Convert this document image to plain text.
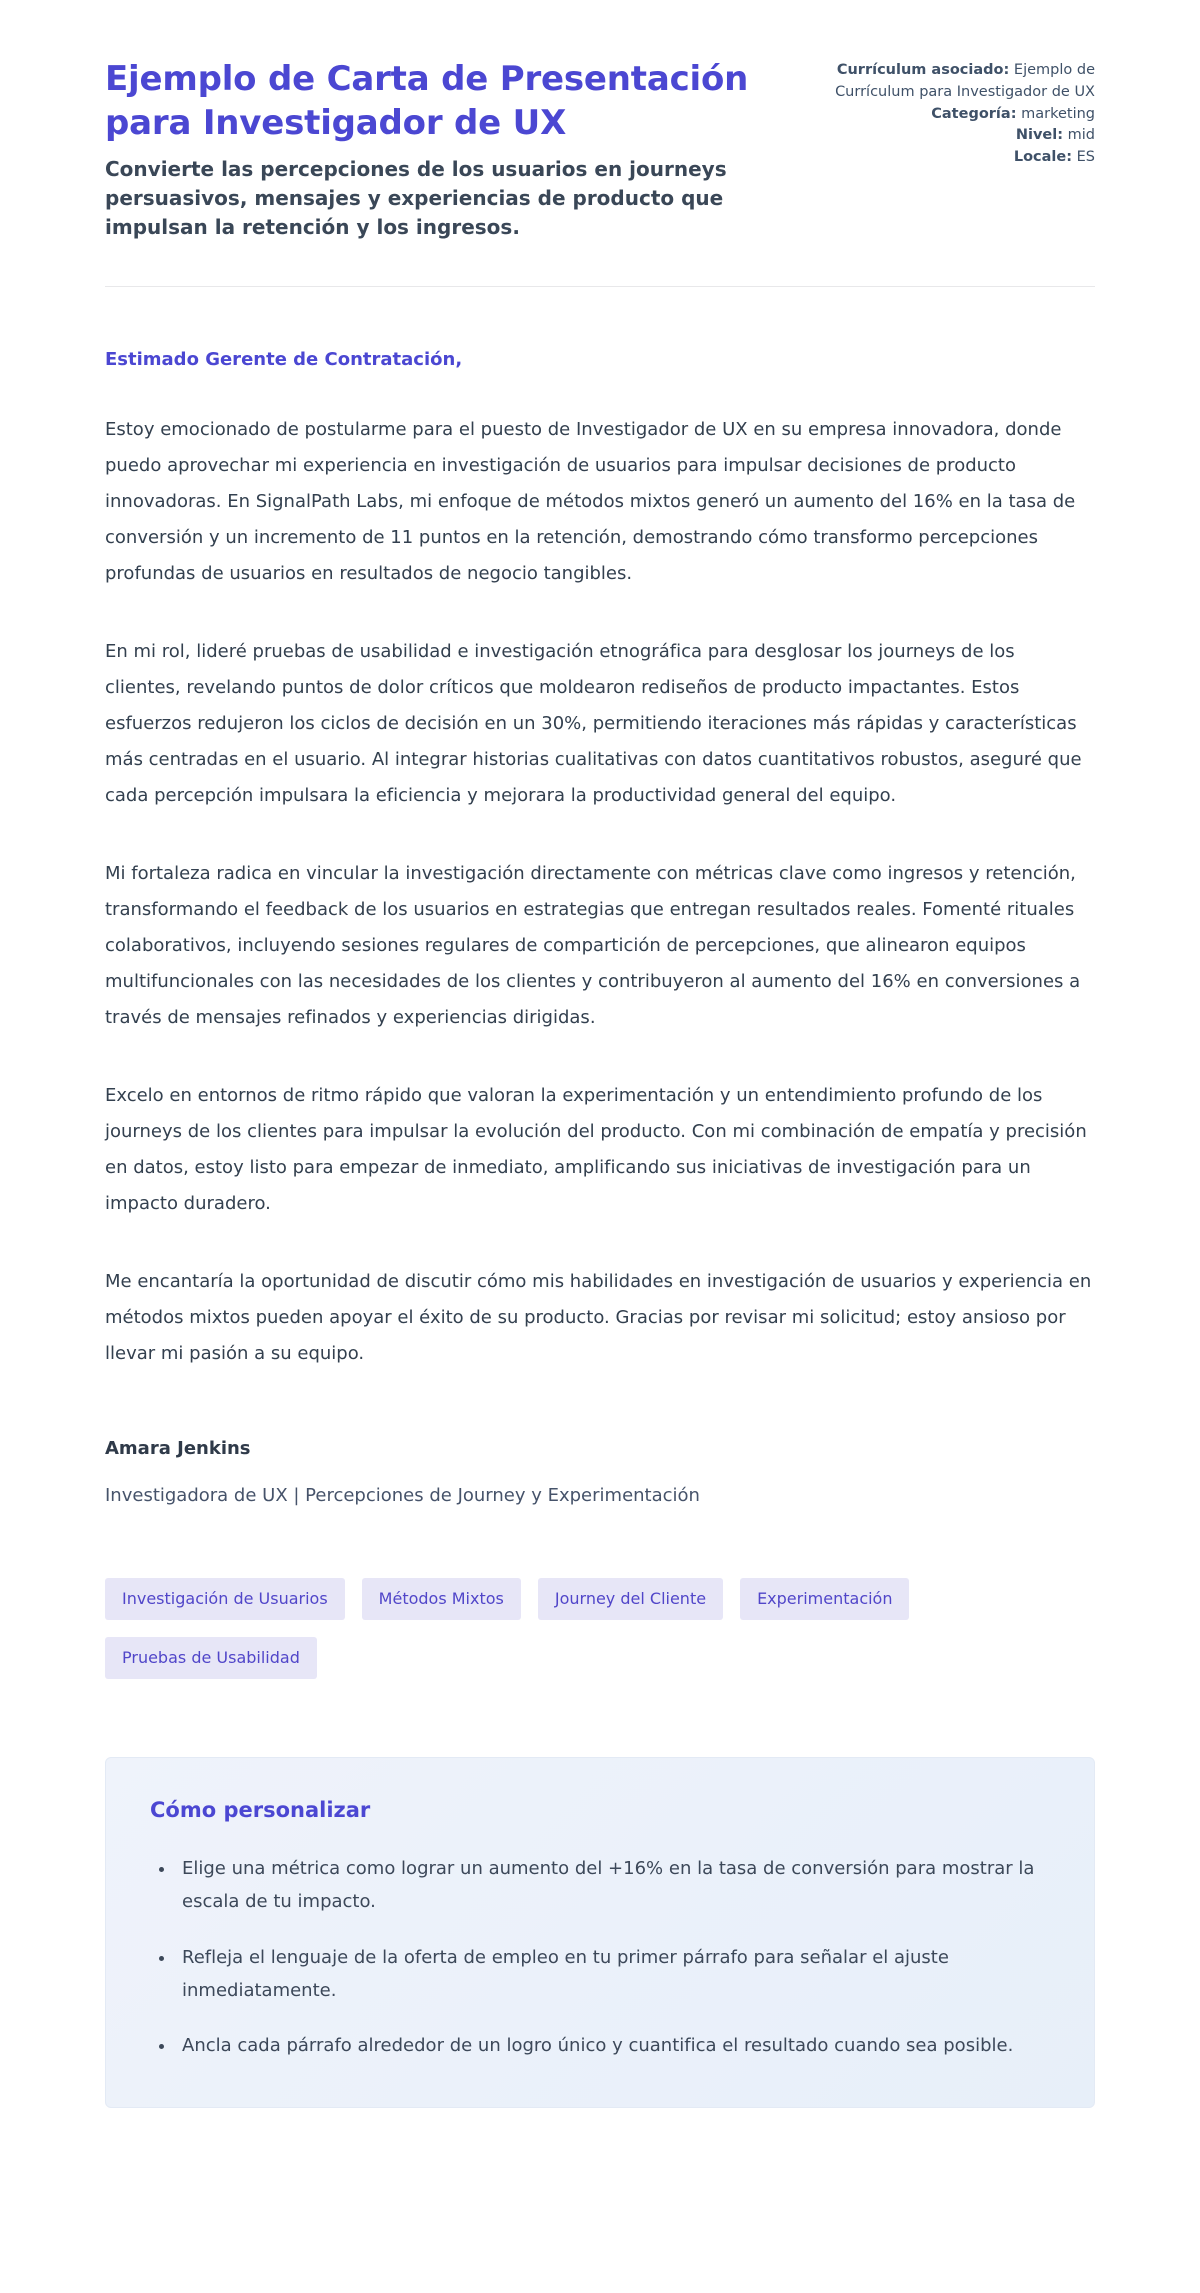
Ejemplo de Carta de Presentación para Investigador de UX

Convierte las percepciones de los usuarios en journeys persuasivos, mensajes y experiencias de producto que impulsan la retención y los ingresos.

Currículum asociado: Ejemplo de Currículum para Investigador de UX
Categoría: marketing
Nivel: mid
Locale: ES

Estimado Gerente de Contratación,

Estoy emocionado de postularme para el puesto de Investigador de UX en su empresa innovadora, donde puedo aprovechar mi experiencia en investigación de usuarios para impulsar decisiones de producto innovadoras. En SignalPath Labs, mi enfoque de métodos mixtos generó un aumento del 16% en la tasa de conversión y un incremento de 11 puntos en la retención, demostrando cómo transformo percepciones profundas de usuarios en resultados de negocio tangibles.

En mi rol, lideré pruebas de usabilidad e investigación etnográfica para desglosar los journeys de los clientes, revelando puntos de dolor críticos que moldearon rediseños de producto impactantes. Estos esfuerzos redujeron los ciclos de decisión en un 30%, permitiendo iteraciones más rápidas y características más centradas en el usuario. Al integrar historias cualitativas con datos cuantitativos robustos, aseguré que cada percepción impulsara la eficiencia y mejorara la productividad general del equipo.

Mi fortaleza radica en vincular la investigación directamente con métricas clave como ingresos y retención, transformando el feedback de los usuarios en estrategias que entregan resultados reales. Fomenté rituales colaborativos, incluyendo sesiones regulares de compartición de percepciones, que alinearon equipos multifuncionales con las necesidades de los clientes y contribuyeron al aumento del 16% en conversiones a través de mensajes refinados y experiencias dirigidas.

Excelo en entornos de ritmo rápido que valoran la experimentación y un entendimiento profundo de los journeys de los clientes para impulsar la evolución del producto. Con mi combinación de empatía y precisión en datos, estoy listo para empezar de inmediato, amplificando sus iniciativas de investigación para un impacto duradero.

Me encantaría la oportunidad de discutir cómo mis habilidades en investigación de usuarios y experiencia en métodos mixtos pueden apoyar el éxito de su producto. Gracias por revisar mi solicitud; estoy ansioso por llevar mi pasión a su equipo.

Amara Jenkins

Investigadora de UX | Percepciones de Journey y Experimentación

Investigación de Usuarios	Métodos Mixtos	Journey del Cliente	Experimentación
Pruebas de Usabilidad
Cómo personalizar
• Elige una métrica como lograr un aumento del +16% en la tasa de conversión para mostrar la escala de tu impacto.
• Refleja el lenguaje de la oferta de empleo en tu primer párrafo para señalar el ajuste inmediatamente.
• Ancla cada párrafo alrededor de un logro único y cuantifica el resultado cuando sea posible.
